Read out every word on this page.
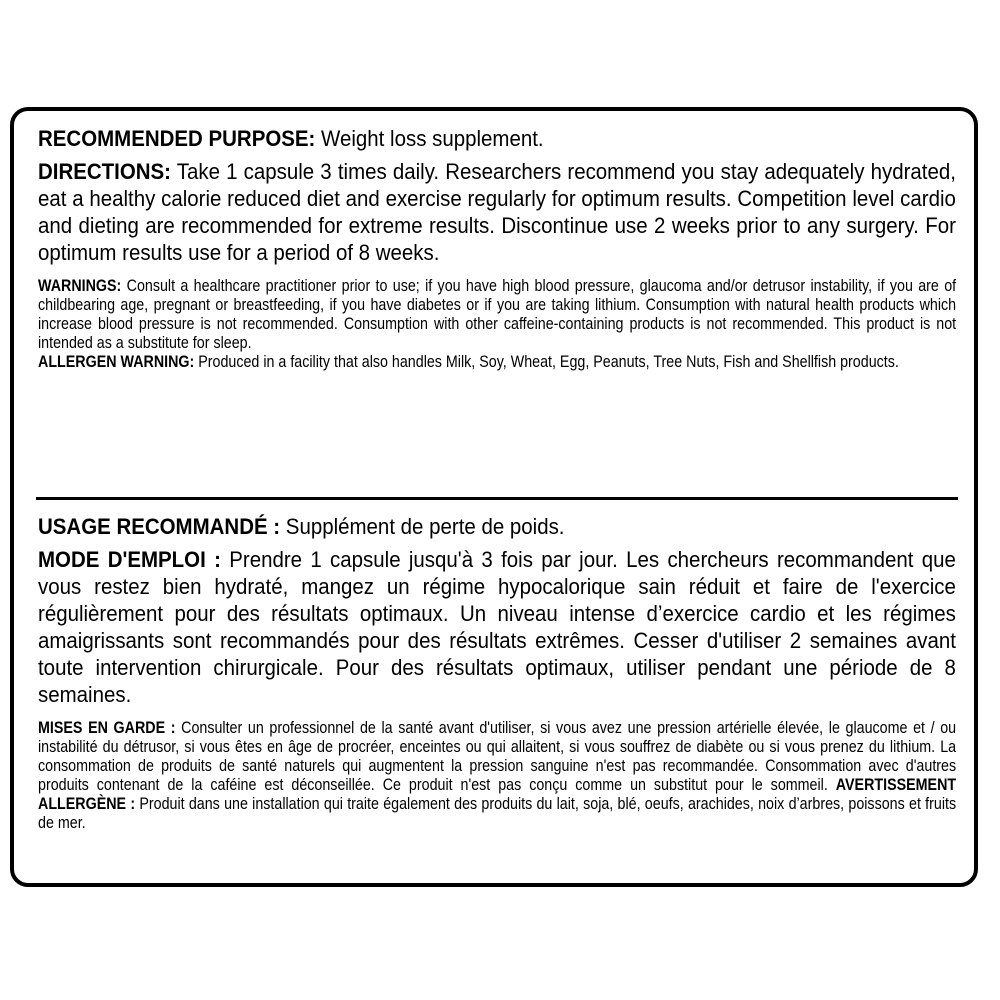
RECOMMENDED PURPOSE: Weight loss supplement.

DIRECTIONS: Take 1 capsule 3 times daily. Researchers recommend you stay adequately hydrated, eat a healthy calorie reduced diet and exercise regularly for optimum results. Competition level cardio and dieting are recommended for extreme results. Discontinue use 2 weeks prior to any surgery. For optimum results use for a period of 8 weeks.

WARNINGS: Consult a healthcare practitioner prior to use; if you have high blood pressure, glaucoma and/or detrusor instability, if you are of childbearing age, pregnant or breastfeeding, if you have diabetes or if you are taking lithium. Consumption with natural health products which increase blood pressure is not recommended. Consumption with other caffeine-containing products is not recommended. This product is not intended as a substitute for sleep.
ALLERGEN WARNING: Produced in a facility that also handles Milk, Soy, Wheat, Egg, Peanuts, Tree Nuts, Fish and Shellfish products.

USAGE RECOMMANDÉ : Supplément de perte de poids.

MODE D'EMPLOI : Prendre 1 capsule jusqu'à 3 fois par jour. Les chercheurs recommandent que vous restez bien hydraté, mangez un régime hypocalorique sain réduit et faire de l'exercice régulièrement pour des résultats optimaux. Un niveau intense d’exercice cardio et les régimes amaigrissants sont recommandés pour des résultats extrêmes. Cesser d'utiliser 2 semaines avant toute intervention chirurgicale. Pour des résultats optimaux, utiliser pendant une période de 8 semaines.

MISES EN GARDE : Consulter un professionnel de la santé avant d'utiliser, si vous avez une pression artérielle élevée, le glaucome et / ou instabilité du détrusor, si vous êtes en âge de procréer, enceintes ou qui allaitent, si vous souffrez de diabète ou si vous prenez du lithium. La consommation de produits de santé naturels qui augmentent la pression sanguine n'est pas recommandée. Consommation avec d'autres produits contenant de la caféine est déconseillée. Ce produit n'est pas conçu comme un substitut pour le sommeil. AVERTISSEMENT ALLERGÈNE : Produit dans une installation qui traite également des produits du lait, soja, blé, oeufs, arachides, noix d’arbres, poissons et fruits de mer.
